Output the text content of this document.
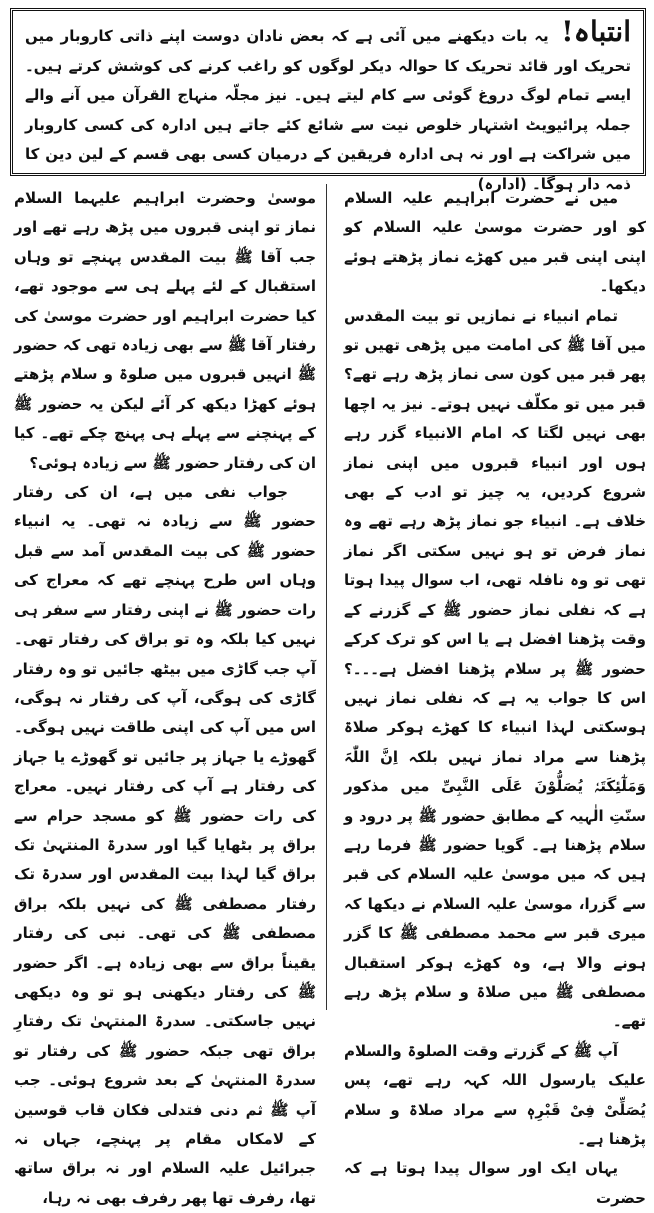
انتباہ! یہ بات دیکھنے میں آئی ہے کہ بعض نادان دوست اپنے ذاتی کاروبار میں تحریک اور قائد تحریک کا حوالہ دیکر لوگوں کو راغب کرنے کی کوشش کرتے ہیں۔ ایسے تمام لوگ دروغ گوئی سے کام لیتے ہیں۔ نیز مجلّہ منہاج القرآن میں آنے والے جملہ پرائیویٹ اشتہار خلوص نیت سے شائع کئے جاتے ہیں ادارہ کی کسی کاروبار میں شراکت ہے اور نہ ہی ادارہ فریقین کے درمیان کسی بھی قسم کے لین دین کا ذمہ دار ہوگا۔ (ادارہ)

میں نے حضرت ابراہیم علیہ السلام کو اور حضرت موسیٰ علیہ السلام کو اپنی اپنی قبر میں کھڑے نماز پڑھتے ہوئے دیکھا۔

تمام انبیاء نے نمازیں تو بیت المقدس میں آقا ﷺ کی امامت میں پڑھی تھیں تو پھر قبر میں کون سی نماز پڑھ رہے تھے؟ قبر میں تو مکلّف نہیں ہوتے۔ نیز یہ اچھا بھی نہیں لگتا کہ امام الانبیاء گزر رہے ہوں اور انبیاء قبروں میں اپنی نماز شروع کردیں، یہ چیز تو ادب کے بھی خلاف ہے۔ انبیاء جو نماز پڑھ رہے تھے وہ نماز فرض تو ہو نہیں سکتی اگر نماز تھی تو وہ نافلہ تھی، اب سوال پیدا ہوتا ہے کہ نفلی نماز حضور ﷺ کے گزرنے کے وقت پڑھنا افضل ہے یا اس کو ترک کرکے حضور ﷺ پر سلام پڑھنا افضل ہے۔۔۔؟ اس کا جواب یہ ہے کہ نفلی نماز نہیں ہوسکتی لہذا انبیاء کا کھڑے ہوکر صلاۃ پڑھنا سے مراد نماز نہیں بلکہ اِنَّ اللّٰہَ وَمَلٰٓئِکَتَہٗ یُصَلُّوْنَ عَلَی النَّبِیِّ میں مذکور سنّتِ الٰہیہ کے مطابق حضور ﷺ پر درود و سلام پڑھنا ہے۔ گویا حضور ﷺ فرما رہے ہیں کہ میں موسیٰ علیہ السلام کی قبر سے گزرا، موسیٰ علیہ السلام نے دیکھا کہ میری قبر سے محمد مصطفی ﷺ کا گزر ہونے والا ہے، وہ کھڑے ہوکر استقبال مصطفی ﷺ میں صلاۃ و سلام پڑھ رہے تھے۔

آپ ﷺ کے گزرتے وقت الصلوۃ والسلام علیک یارسول اللہ کہہ رہے تھے، پس یُصَلِّیْ فِیْ قَبْرِہٖ سے مراد صلاۃ و سلام پڑھنا ہے۔

یہاں ایک اور سوال پیدا ہوتا ہے کہ حضرت

موسیٰ وحضرت ابراہیم علیہما السلام نماز تو اپنی قبروں میں پڑھ رہے تھے اور جب آقا ﷺ بیت المقدس پہنچے تو وہاں استقبال کے لئے پہلے ہی سے موجود تھے، کیا حضرت ابراہیم اور حضرت موسیٰ کی رفتار آقا ﷺ سے بھی زیادہ تھی کہ حضور ﷺ انہیں قبروں میں صلوۃ و سلام پڑھتے ہوئے کھڑا دیکھ کر آئے لیکن یہ حضور ﷺ کے پہنچنے سے پہلے ہی پہنچ چکے تھے۔ کیا ان کی رفتار حضور ﷺ سے زیادہ ہوئی؟

جواب نفی میں ہے، ان کی رفتار حضور ﷺ سے زیادہ نہ تھی۔ یہ انبیاء حضور ﷺ کی بیت المقدس آمد سے قبل وہاں اس طرح پہنچے تھے کہ معراج کی رات حضور ﷺ نے اپنی رفتار سے سفر ہی نہیں کیا بلکہ وہ تو براق کی رفتار تھی۔ آپ جب گاڑی میں بیٹھ جائیں تو وہ رفتار گاڑی کی ہوگی، آپ کی رفتار نہ ہوگی، اس میں آپ کی اپنی طاقت نہیں ہوگی۔ گھوڑے یا جہاز پر جائیں تو گھوڑے یا جہاز کی رفتار ہے آپ کی رفتار نہیں۔ معراج کی رات حضور ﷺ کو مسجد حرام سے براق پر بٹھایا گیا اور سدرۃ المنتہیٰ تک براق گیا لہذا بیت المقدس اور سدرۃ تک رفتار مصطفی ﷺ کی نہیں بلکہ براق مصطفی ﷺ کی تھی۔ نبی کی رفتار یقیناً براق سے بھی زیادہ ہے۔ اگر حضور ﷺ کی رفتار دیکھنی ہو تو وہ دیکھی نہیں جاسکتی۔ سدرۃ المنتہیٰ تک رفتارِ براق تھی جبکہ حضور ﷺ کی رفتار تو سدرۃ المنتہیٰ کے بعد شروع ہوئی۔ جب آپ ﷺ ثم دنی فتدلی فکان قاب قوسین کے لامکاں مقام پر پہنچے، جہاں نہ جبرائیل علیہ السلام اور نہ براق ساتھ تھا، رفرف تھا پھر رفرف بھی نہ رہا،
